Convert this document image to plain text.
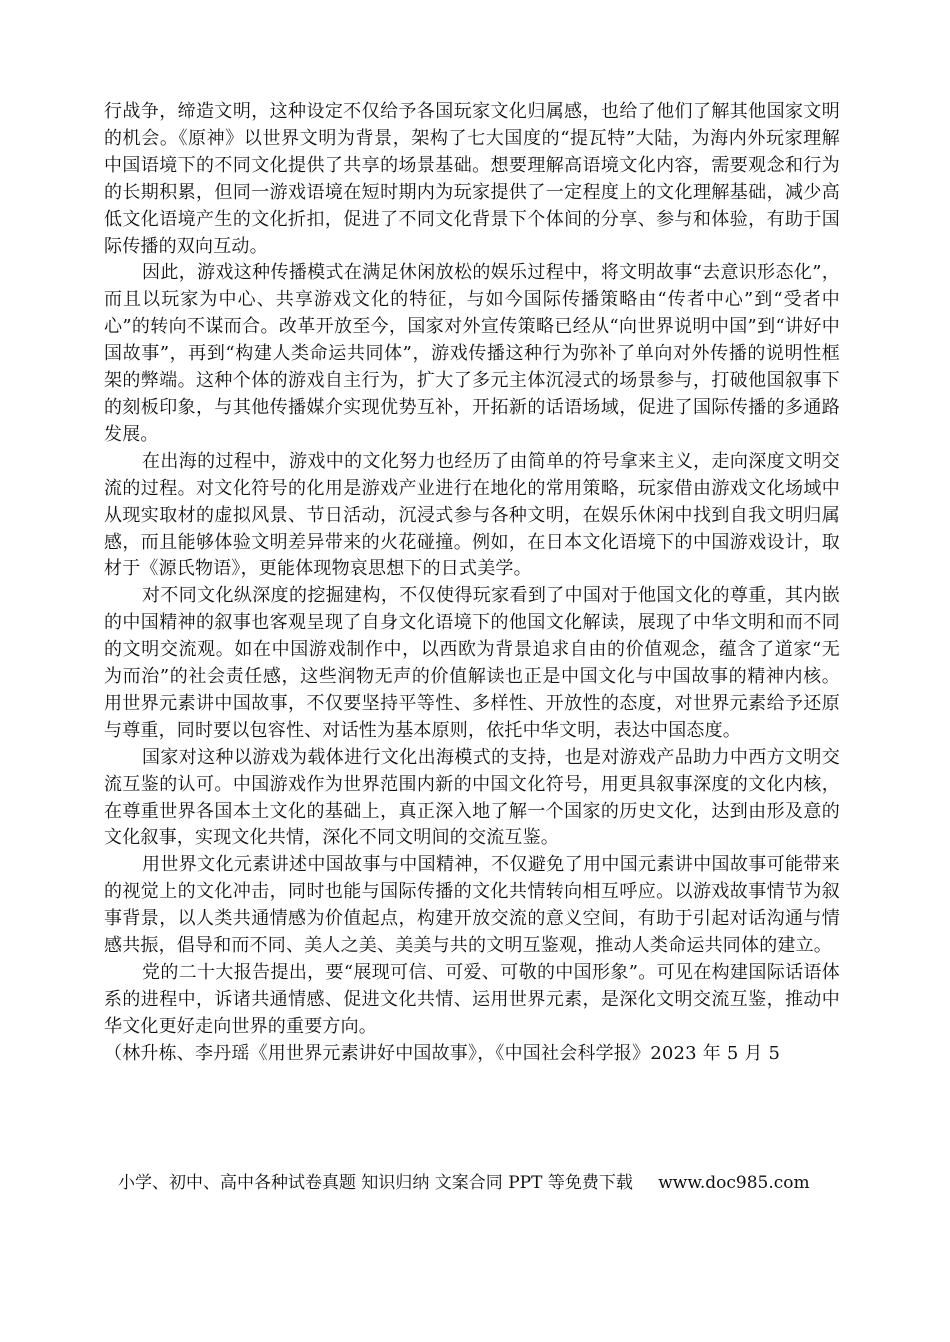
行战争，缔造文明，这种设定不仅给予各国玩家文化归属感，也给了他们了解其他国家文明的机会。《原神》以世界文明为背景，架构了七大国度的“提瓦特”大陆，为海内外玩家理解中国语境下的不同文化提供了共享的场景基础。想要理解高语境文化内容，需要观念和行为的长期积累，但同一游戏语境在短时期内为玩家提供了一定程度上的文化理解基础，减少高低文化语境产生的文化折扣，促进了不同文化背景下个体间的分享、参与和体验，有助于国际传播的双向互动。

因此，游戏这种传播模式在满足休闲放松的娱乐过程中，将文明故事“去意识形态化”，而且以玩家为中心、共享游戏文化的特征，与如今国际传播策略由“传者中心”到“受者中心”的转向不谋而合。改革开放至今，国家对外宣传策略已经从“向世界说明中国”到“讲好中国故事”，再到“构建人类命运共同体”，游戏传播这种行为弥补了单向对外传播的说明性框架的弊端。这种个体的游戏自主行为，扩大了多元主体沉浸式的场景参与，打破他国叙事下的刻板印象，与其他传播媒介实现优势互补，开拓新的话语场域，促进了国际传播的多通路发展。

在出海的过程中，游戏中的文化努力也经历了由简单的符号拿来主义，走向深度文明交流的过程。对文化符号的化用是游戏产业进行在地化的常用策略，玩家借由游戏文化场域中从现实取材的虚拟风景、节日活动，沉浸式参与各种文明，在娱乐休闲中找到自我文明归属感，而且能够体验文明差异带来的火花碰撞。例如，在日本文化语境下的中国游戏设计，取材于《源氏物语》，更能体现物哀思想下的日式美学。

对不同文化纵深度的挖掘建构，不仅使得玩家看到了中国对于他国文化的尊重，其内嵌的中国精神的叙事也客观呈现了自身文化语境下的他国文化解读，展现了中华文明和而不同的文明交流观。如在中国游戏制作中，以西欧为背景追求自由的价值观念，蕴含了道家“无为而治”的社会责任感，这些润物无声的价值解读也正是中国文化与中国故事的精神内核。用世界元素讲中国故事，不仅要坚持平等性、多样性、开放性的态度，对世界元素给予还原与尊重，同时要以包容性、对话性为基本原则，依托中华文明，表达中国态度。

国家对这种以游戏为载体进行文化出海模式的支持，也是对游戏产品助力中西方文明交流互鉴的认可。中国游戏作为世界范围内新的中国文化符号，用更具叙事深度的文化内核，在尊重世界各国本土文化的基础上，真正深入地了解一个国家的历史文化，达到由形及意的文化叙事，实现文化共情，深化不同文明间的交流互鉴。

用世界文化元素讲述中国故事与中国精神，不仅避免了用中国元素讲中国故事可能带来的视觉上的文化冲击，同时也能与国际传播的文化共情转向相互呼应。以游戏故事情节为叙事背景，以人类共通情感为价值起点，构建开放交流的意义空间，有助于引起对话沟通与情感共振，倡导和而不同、美人之美、美美与共的文明互鉴观，推动人类命运共同体的建立。

党的二十大报告提出，要“展现可信、可爱、可敬的中国形象”。可见在构建国际话语体系的进程中，诉诸共通情感、促进文化共情、运用世界元素，是深化文明交流互鉴，推动中华文化更好走向世界的重要方向。

（林升栋、李丹瑶《用世界元素讲好中国故事》，《中国社会科学报》2023 年 5 月 5

小学、初中、高中各种试卷真题 知识归纳 文案合同 PPT 等免费下载 www.doc985.com
